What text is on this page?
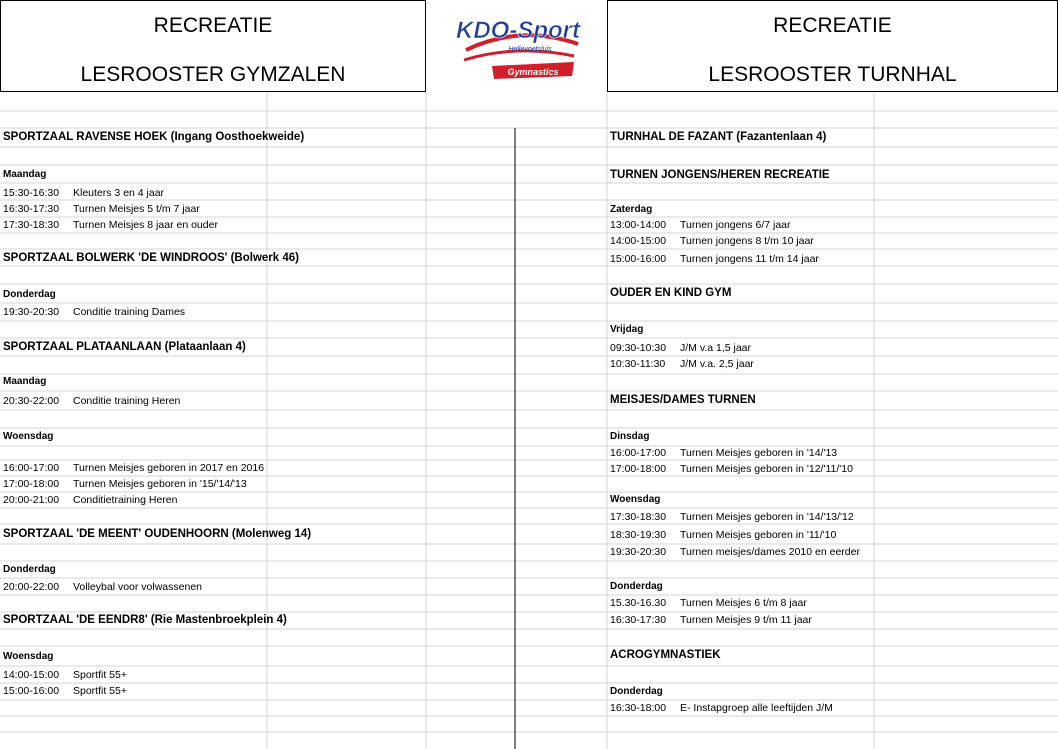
RECREATIE
LESROOSTER GYMZALEN
RECREATIE
LESROOSTER TURNHAL
KDO-Sport
Hellevoetsluis
Gymnastics
SPORTZAAL RAVENSE HOEK (Ingang Oosthoekweide)
Maandag
15:30-16:30 Kleuters 3 en 4 jaar
16:30-17:30 Turnen Meisjes 5 t/m 7 jaar
17:30-18:30 Turnen Meisjes 8 jaar en ouder
SPORTZAAL BOLWERK 'DE WINDROOS' (Bolwerk 46)
Donderdag
19:30-20:30 Conditie training Dames
SPORTZAAL PLATAANLAAN (Plataanlaan 4)
Maandag
20:30-22:00 Conditie training Heren
Woensdag
16:00-17:00 Turnen Meisjes geboren in 2017 en 2016
17:00-18:00 Turnen Meisjes geboren in '15/'14/'13
20:00-21:00 Conditietraining Heren
SPORTZAAL 'DE MEENT' OUDENHOORN (Molenweg 14)
Donderdag
20:00-22:00 Volleybal voor volwassenen
SPORTZAAL 'DE EENDR8' (Rie Mastenbroekplein 4)
Woensdag
14:00-15:00 Sportfit 55+
15:00-16:00 Sportfit 55+
TURNHAL DE FAZANT (Fazantenlaan 4)
TURNEN JONGENS/HEREN RECREATIE
Zaterdag
13:00-14:00 Turnen jongens 6/7 jaar
14:00-15:00 Turnen jongens 8 t/m 10 jaar
15:00-16:00 Turnen jongens 11 t/m 14 jaar
OUDER EN KIND GYM
Vrijdag
09:30-10:30 J/M v.a 1,5 jaar
10:30-11:30 J/M v.a. 2,5 jaar
MEISJES/DAMES TURNEN
Dinsdag
16:00-17:00 Turnen Meisjes geboren in '14/'13
17:00-18:00 Turnen Meisjes geboren in '12/'11/'10
Woensdag
17:30-18:30 Turnen Meisjes geboren in '14/'13/'12
18:30-19:30 Turnen Meisjes geboren in '11/'10
19:30-20:30 Turnen meisjes/dames 2010 en eerder
Donderdag
15.30-16.30 Turnen Meisjes 6 t/m 8 jaar
16:30-17:30 Turnen Meisjes 9 t/m 11 jaar
ACROGYMNASTIEK
Donderdag
16:30-18:00 E- Instapgroep alle leeftijden J/M
